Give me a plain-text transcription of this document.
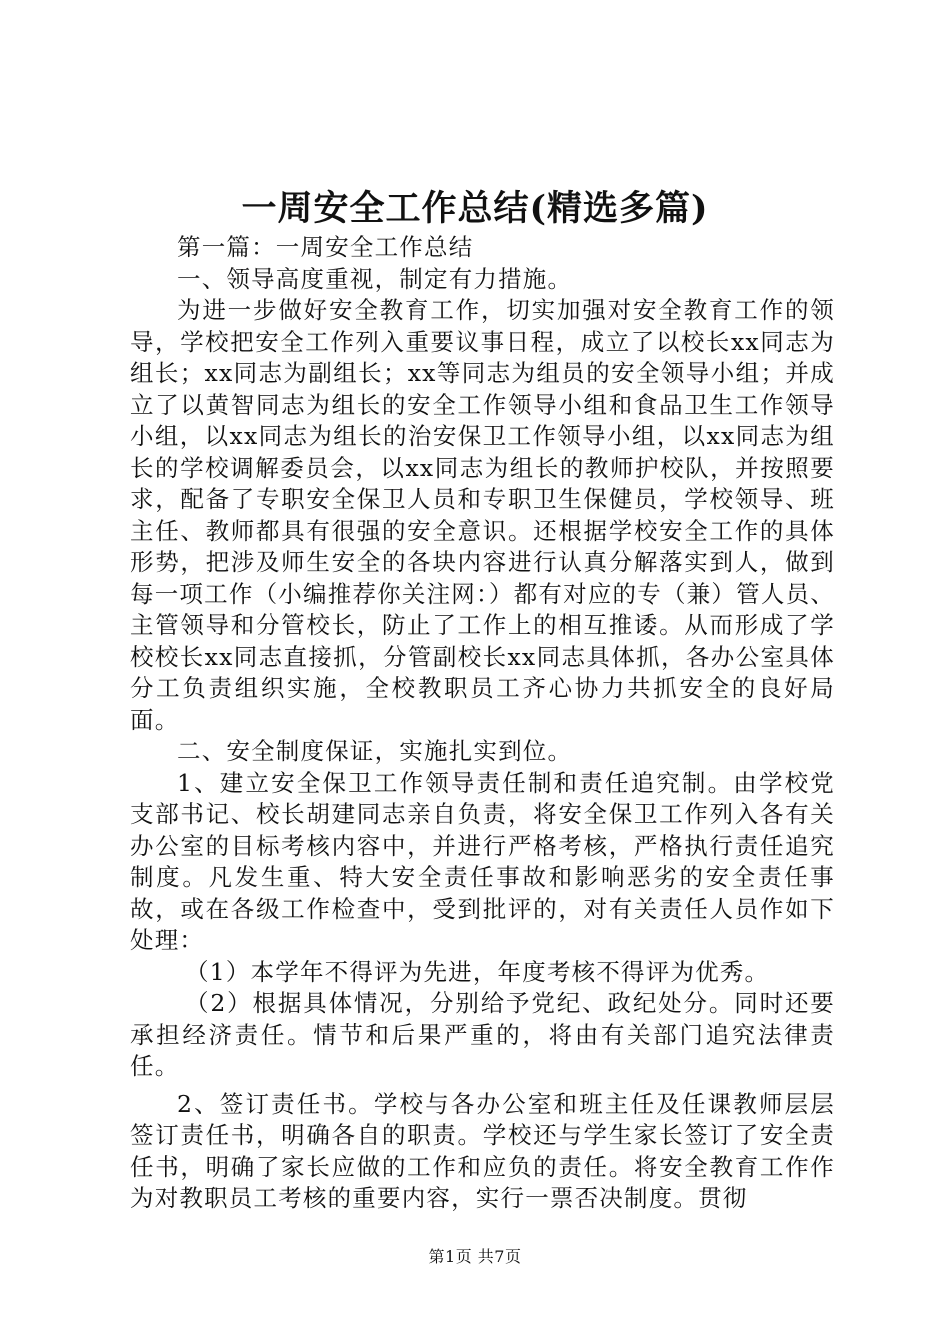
一周安全工作总结(精选多篇)

第一篇：一周安全工作总结

一、领导高度重视，制定有力措施。

为进一步做好安全教育工作，切实加强对安全教育工作的领导，学校把安全工作列入重要议事日程，成立了以校长xx同志为组长；xx同志为副组长；xx等同志为组员的安全领导小组；并成立了以黄智同志为组长的安全工作领导小组和食品卫生工作领导小组，以xx同志为组长的治安保卫工作领导小组，以xx同志为组长的学校调解委员会，以xx同志为组长的教师护校队，并按照要求，配备了专职安全保卫人员和专职卫生保健员，学校领导、班主任、教师都具有很强的安全意识。还根据学校安全工作的具体形势，把涉及师生安全的各块内容进行认真分解落实到人，做到每一项工作（小编推荐你关注网：）都有对应的专（兼）管人员、主管领导和分管校长，防止了工作上的相互推诿。从而形成了学校校长xx同志直接抓，分管副校长xx同志具体抓，各办公室具体分工负责组织实施，全校教职员工齐心协力共抓安全的良好局面。

二、安全制度保证，实施扎实到位。

1、建立安全保卫工作领导责任制和责任追究制。由学校党支部书记、校长胡建同志亲自负责，将安全保卫工作列入各有关办公室的目标考核内容中，并进行严格考核，严格执行责任追究制度。凡发生重、特大安全责任事故和影响恶劣的安全责任事故，或在各级工作检查中，受到批评的，对有关责任人员作如下处理：

（1）本学年不得评为先进，年度考核不得评为优秀。

（2）根据具体情况，分别给予党纪、政纪处分。同时还要承担经济责任。情节和后果严重的，将由有关部门追究法律责任。

2、签订责任书。学校与各办公室和班主任及任课教师层层签订责任书，明确各自的职责。学校还与学生家长签订了安全责任书，明确了家长应做的工作和应负的责任。将安全教育工作作为对教职员工考核的重要内容，实行一票否决制度。贯彻

第1页 共7页
